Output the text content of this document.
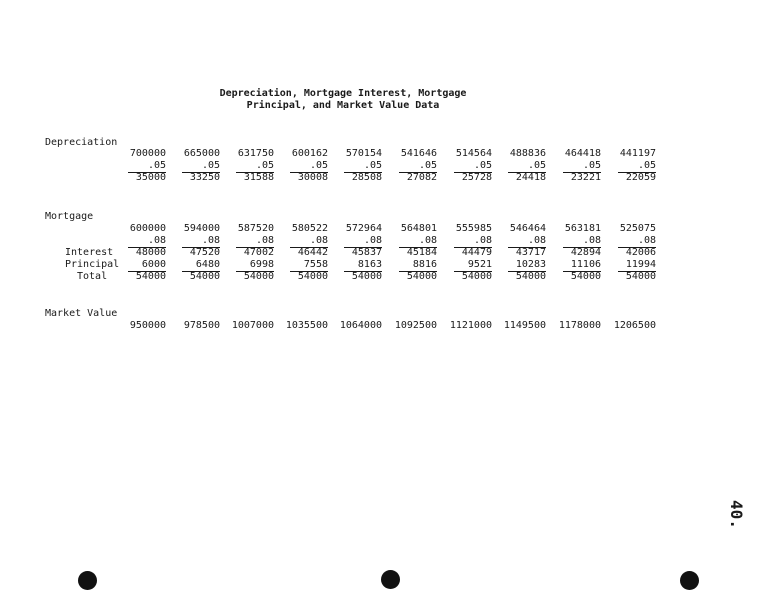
Depreciation, Mortgage Interest, Mortgage
Principal, and Market Value Data
Depreciation
700000	665000	631750	600162	570154	541646	514564	488836	464418	441197
.05	.05	.05	.05	.05	.05	.05	.05	.05	.05
35000	33250	31588	30008	28508	27082	25728	24418	23221	22059
Mortgage
600000	594000	587520	580522	572964	564801	555985	546464	563181	525075
.08	.08	.08	.08	.08	.08	.08	.08	.08	.08
Interest	48000	47520	47002	46442	45837	45184	44479	43717	42894	42006
Principal	6000	6480	6998	7558	8163	8816	9521	10283	11106	11994
Total	54000	54000	54000	54000	54000	54000	54000	54000	54000	54000
Market Value
950000	978500	1007000	1035500	1064000	1092500	1121000	1149500	1178000	1206500
40.
